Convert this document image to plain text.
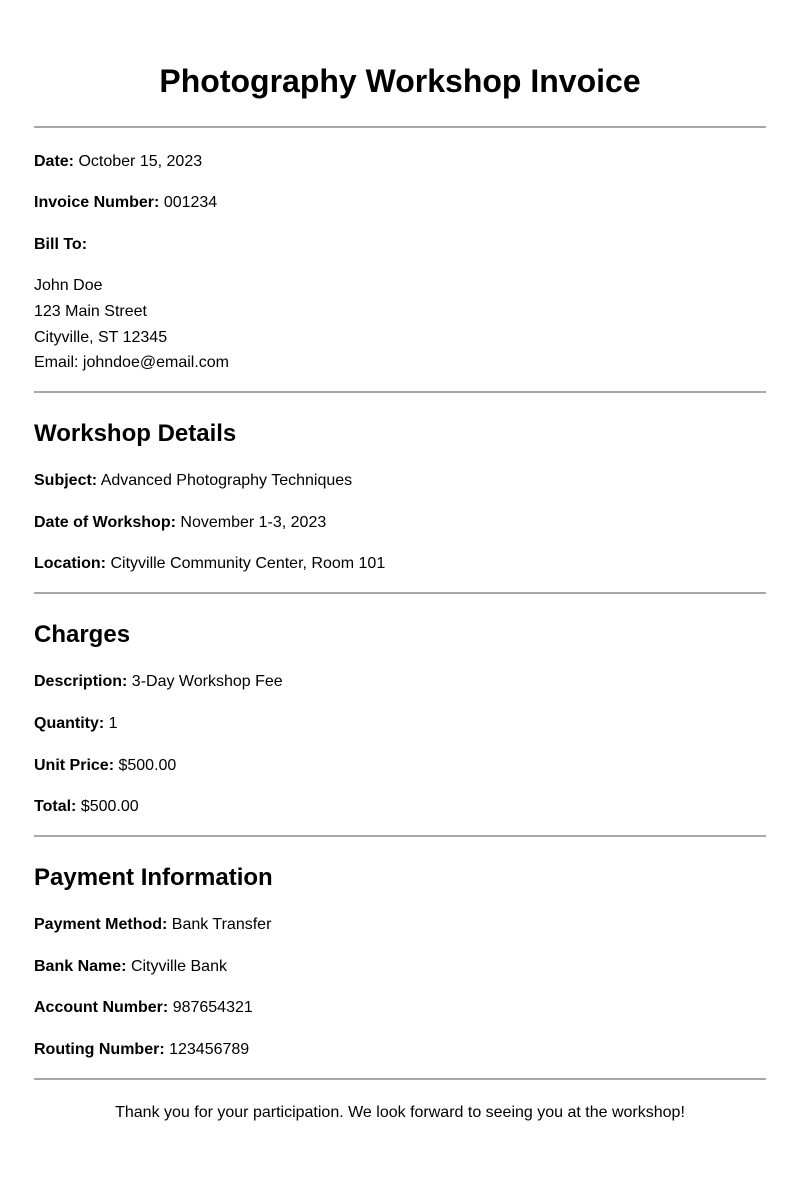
Photography Workshop Invoice
Date: October 15, 2023
Invoice Number: 001234
Bill To:
John Doe
123 Main Street
Cityville, ST 12345
Email: johndoe@email.com
Workshop Details
Subject: Advanced Photography Techniques
Date of Workshop: November 1-3, 2023
Location: Cityville Community Center, Room 101
Charges
Description: 3-Day Workshop Fee
Quantity: 1
Unit Price: $500.00
Total: $500.00
Payment Information
Payment Method: Bank Transfer
Bank Name: Cityville Bank
Account Number: 987654321
Routing Number: 123456789
Thank you for your participation. We look forward to seeing you at the workshop!
